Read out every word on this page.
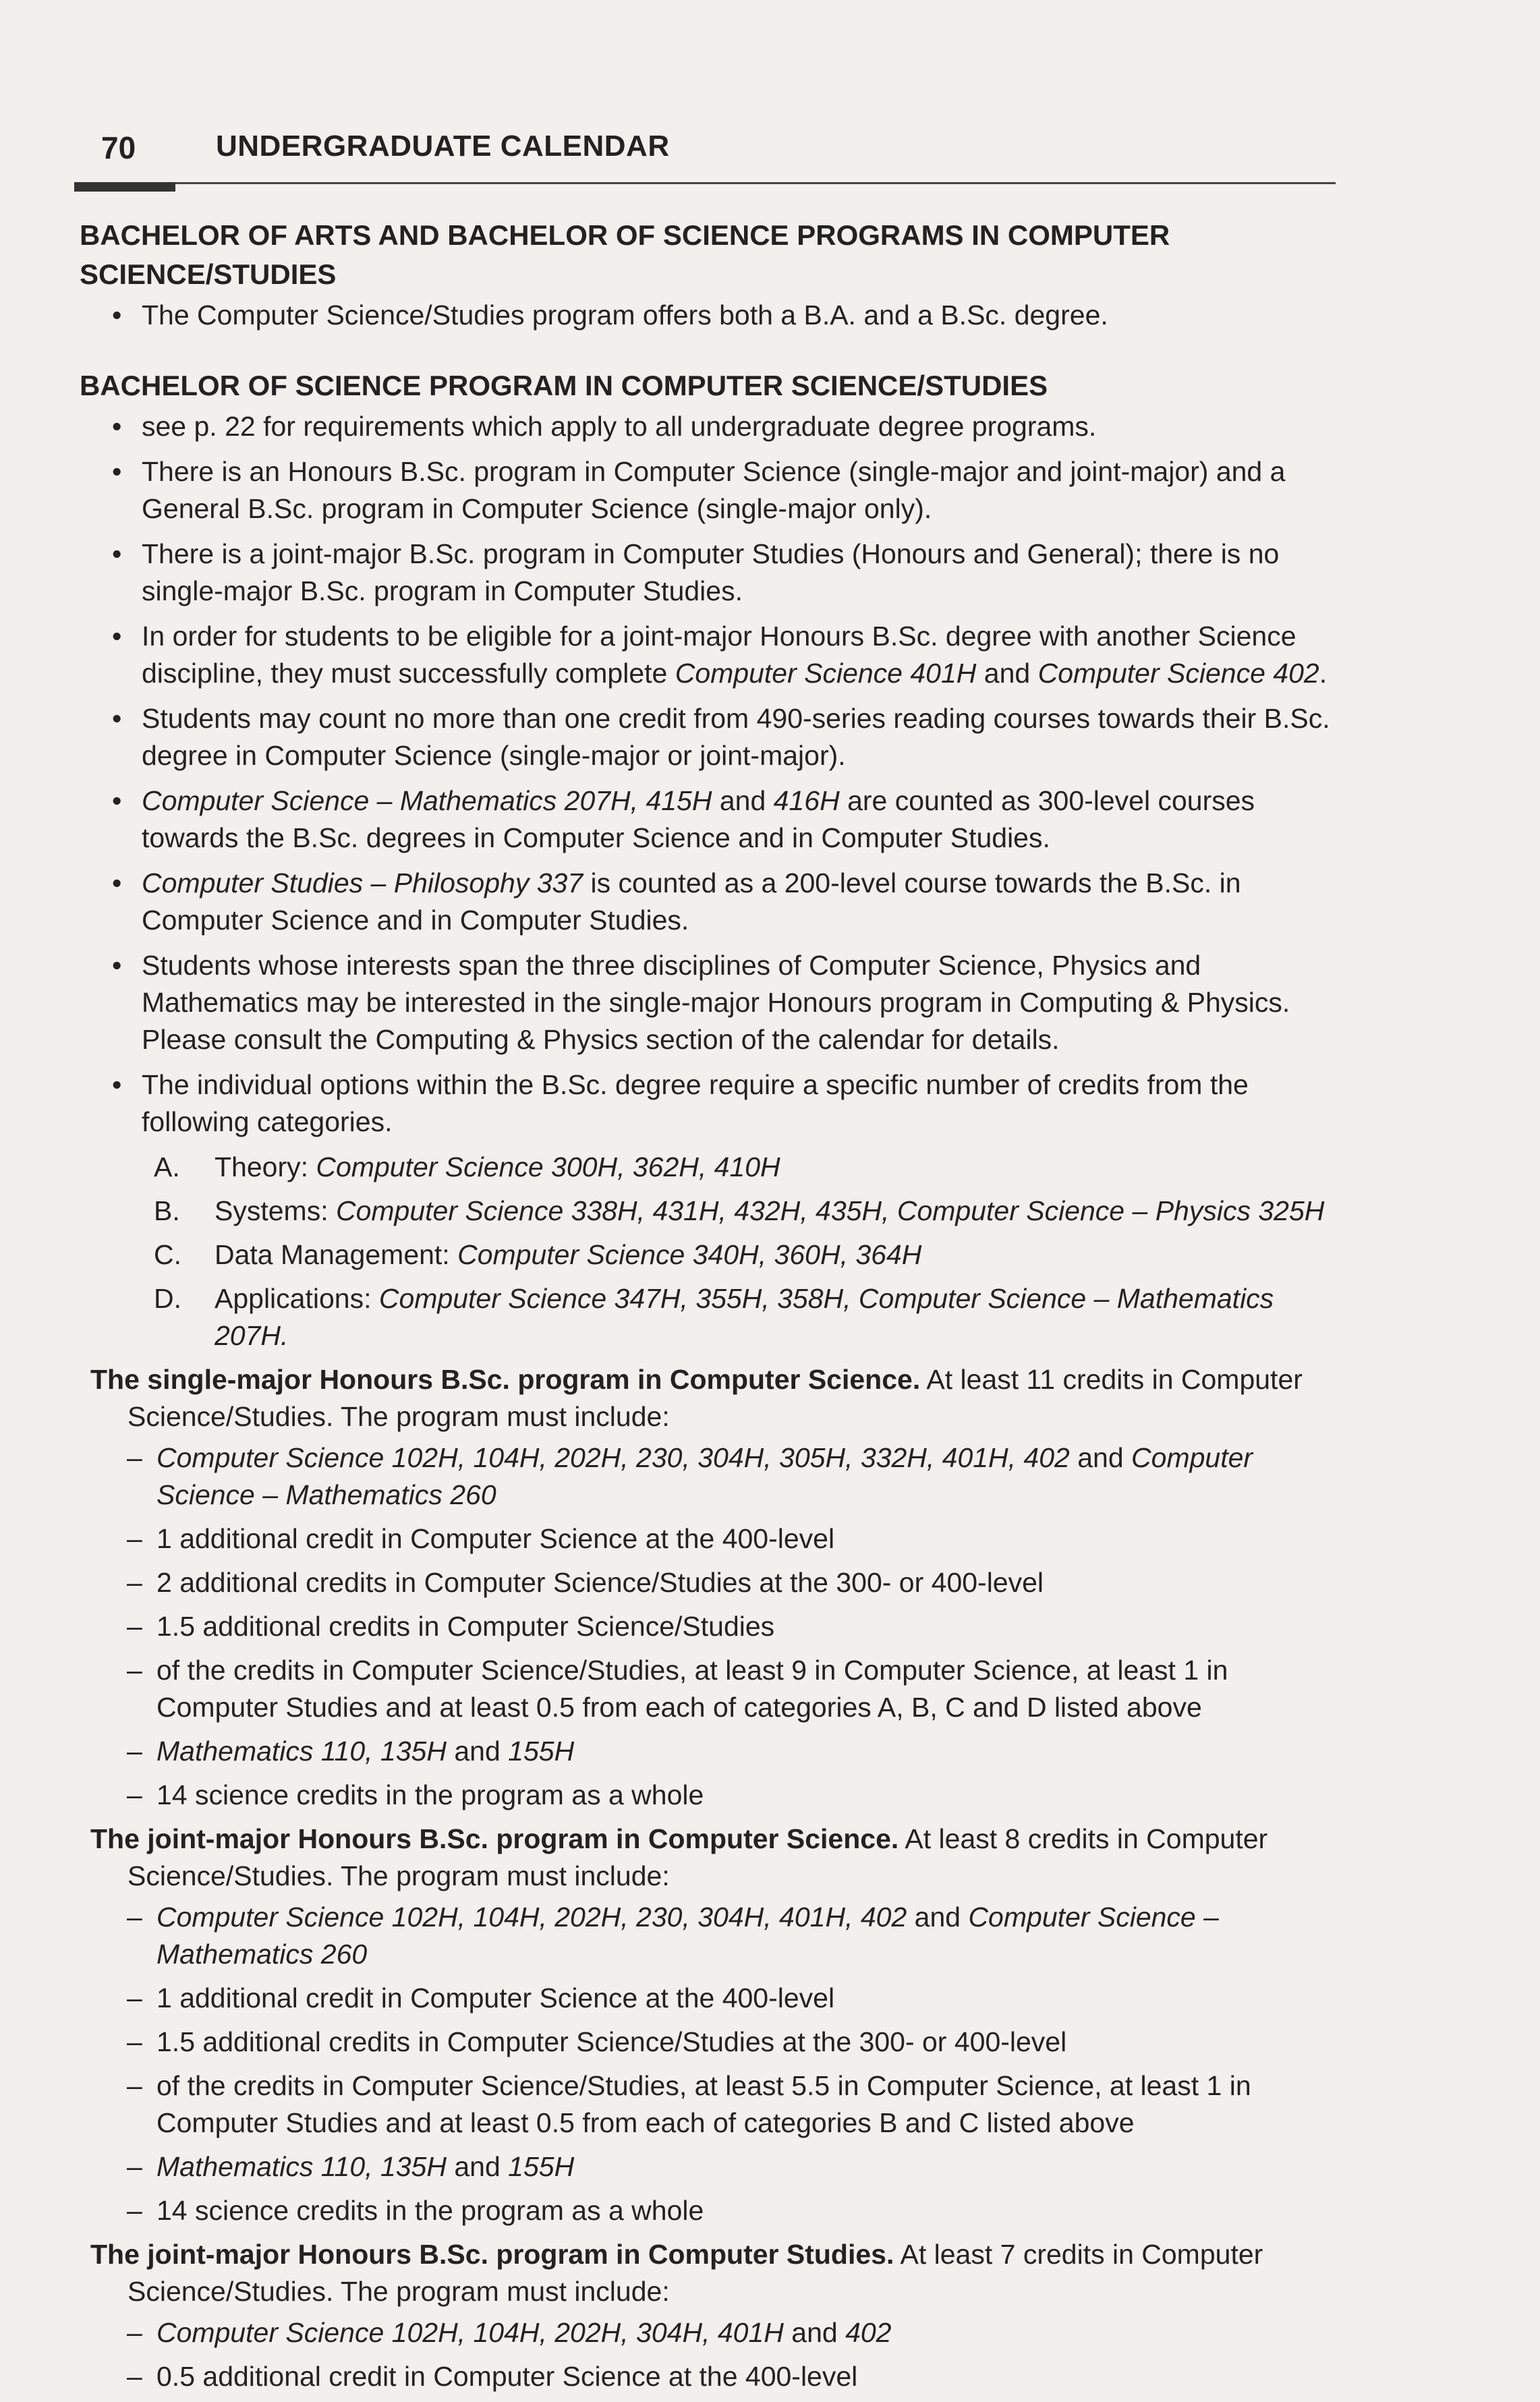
70	UNDERGRADUATE CALENDAR
BACHELOR OF ARTS AND BACHELOR OF SCIENCE PROGRAMS IN COMPUTER SCIENCE/STUDIES
• The Computer Science/Studies program offers both a B.A. and a B.Sc. degree.
BACHELOR OF SCIENCE PROGRAM IN COMPUTER SCIENCE/STUDIES
• see p. 22 for requirements which apply to all undergraduate degree programs.
• There is an Honours B.Sc. program in Computer Science (single-major and joint-major) and a General B.Sc. program in Computer Science (single-major only).
• There is a joint-major B.Sc. program in Computer Studies (Honours and General); there is no single-major B.Sc. program in Computer Studies.
• In order for students to be eligible for a joint-major Honours B.Sc. degree with another Science discipline, they must successfully complete Computer Science 401H and Computer Science 402.
• Students may count no more than one credit from 490-series reading courses towards their B.Sc. degree in Computer Science (single-major or joint-major).
• Computer Science – Mathematics 207H, 415H and 416H are counted as 300-level courses towards the B.Sc. degrees in Computer Science and in Computer Studies.
• Computer Studies – Philosophy 337 is counted as a 200-level course towards the B.Sc. in Computer Science and in Computer Studies.
• Students whose interests span the three disciplines of Computer Science, Physics and Mathematics may be interested in the single-major Honours program in Computing & Physics. Please consult the Computing & Physics section of the calendar for details.
• The individual options within the B.Sc. degree require a specific number of credits from the following categories.
A. Theory: Computer Science 300H, 362H, 410H
B. Systems: Computer Science 338H, 431H, 432H, 435H, Computer Science – Physics 325H
C. Data Management: Computer Science 340H, 360H, 364H
D. Applications: Computer Science 347H, 355H, 358H, Computer Science – Mathematics 207H.
The single-major Honours B.Sc. program in Computer Science. At least 11 credits in Computer Science/Studies. The program must include:
– Computer Science 102H, 104H, 202H, 230, 304H, 305H, 332H, 401H, 402 and Computer Science – Mathematics 260
– 1 additional credit in Computer Science at the 400-level
– 2 additional credits in Computer Science/Studies at the 300- or 400-level
– 1.5 additional credits in Computer Science/Studies
– of the credits in Computer Science/Studies, at least 9 in Computer Science, at least 1 in Computer Studies and at least 0.5 from each of categories A, B, C and D listed above
– Mathematics 110, 135H and 155H
– 14 science credits in the program as a whole
The joint-major Honours B.Sc. program in Computer Science. At least 8 credits in Computer Science/Studies. The program must include:
– Computer Science 102H, 104H, 202H, 230, 304H, 401H, 402 and Computer Science – Mathematics 260
– 1 additional credit in Computer Science at the 400-level
– 1.5 additional credits in Computer Science/Studies at the 300- or 400-level
– of the credits in Computer Science/Studies, at least 5.5 in Computer Science, at least 1 in Computer Studies and at least 0.5 from each of categories B and C listed above
– Mathematics 110, 135H and 155H
– 14 science credits in the program as a whole
The joint-major Honours B.Sc. program in Computer Studies. At least 7 credits in Computer Science/Studies. The program must include:
– Computer Science 102H, 104H, 202H, 304H, 401H and 402
– 0.5 additional credit in Computer Science at the 400-level
